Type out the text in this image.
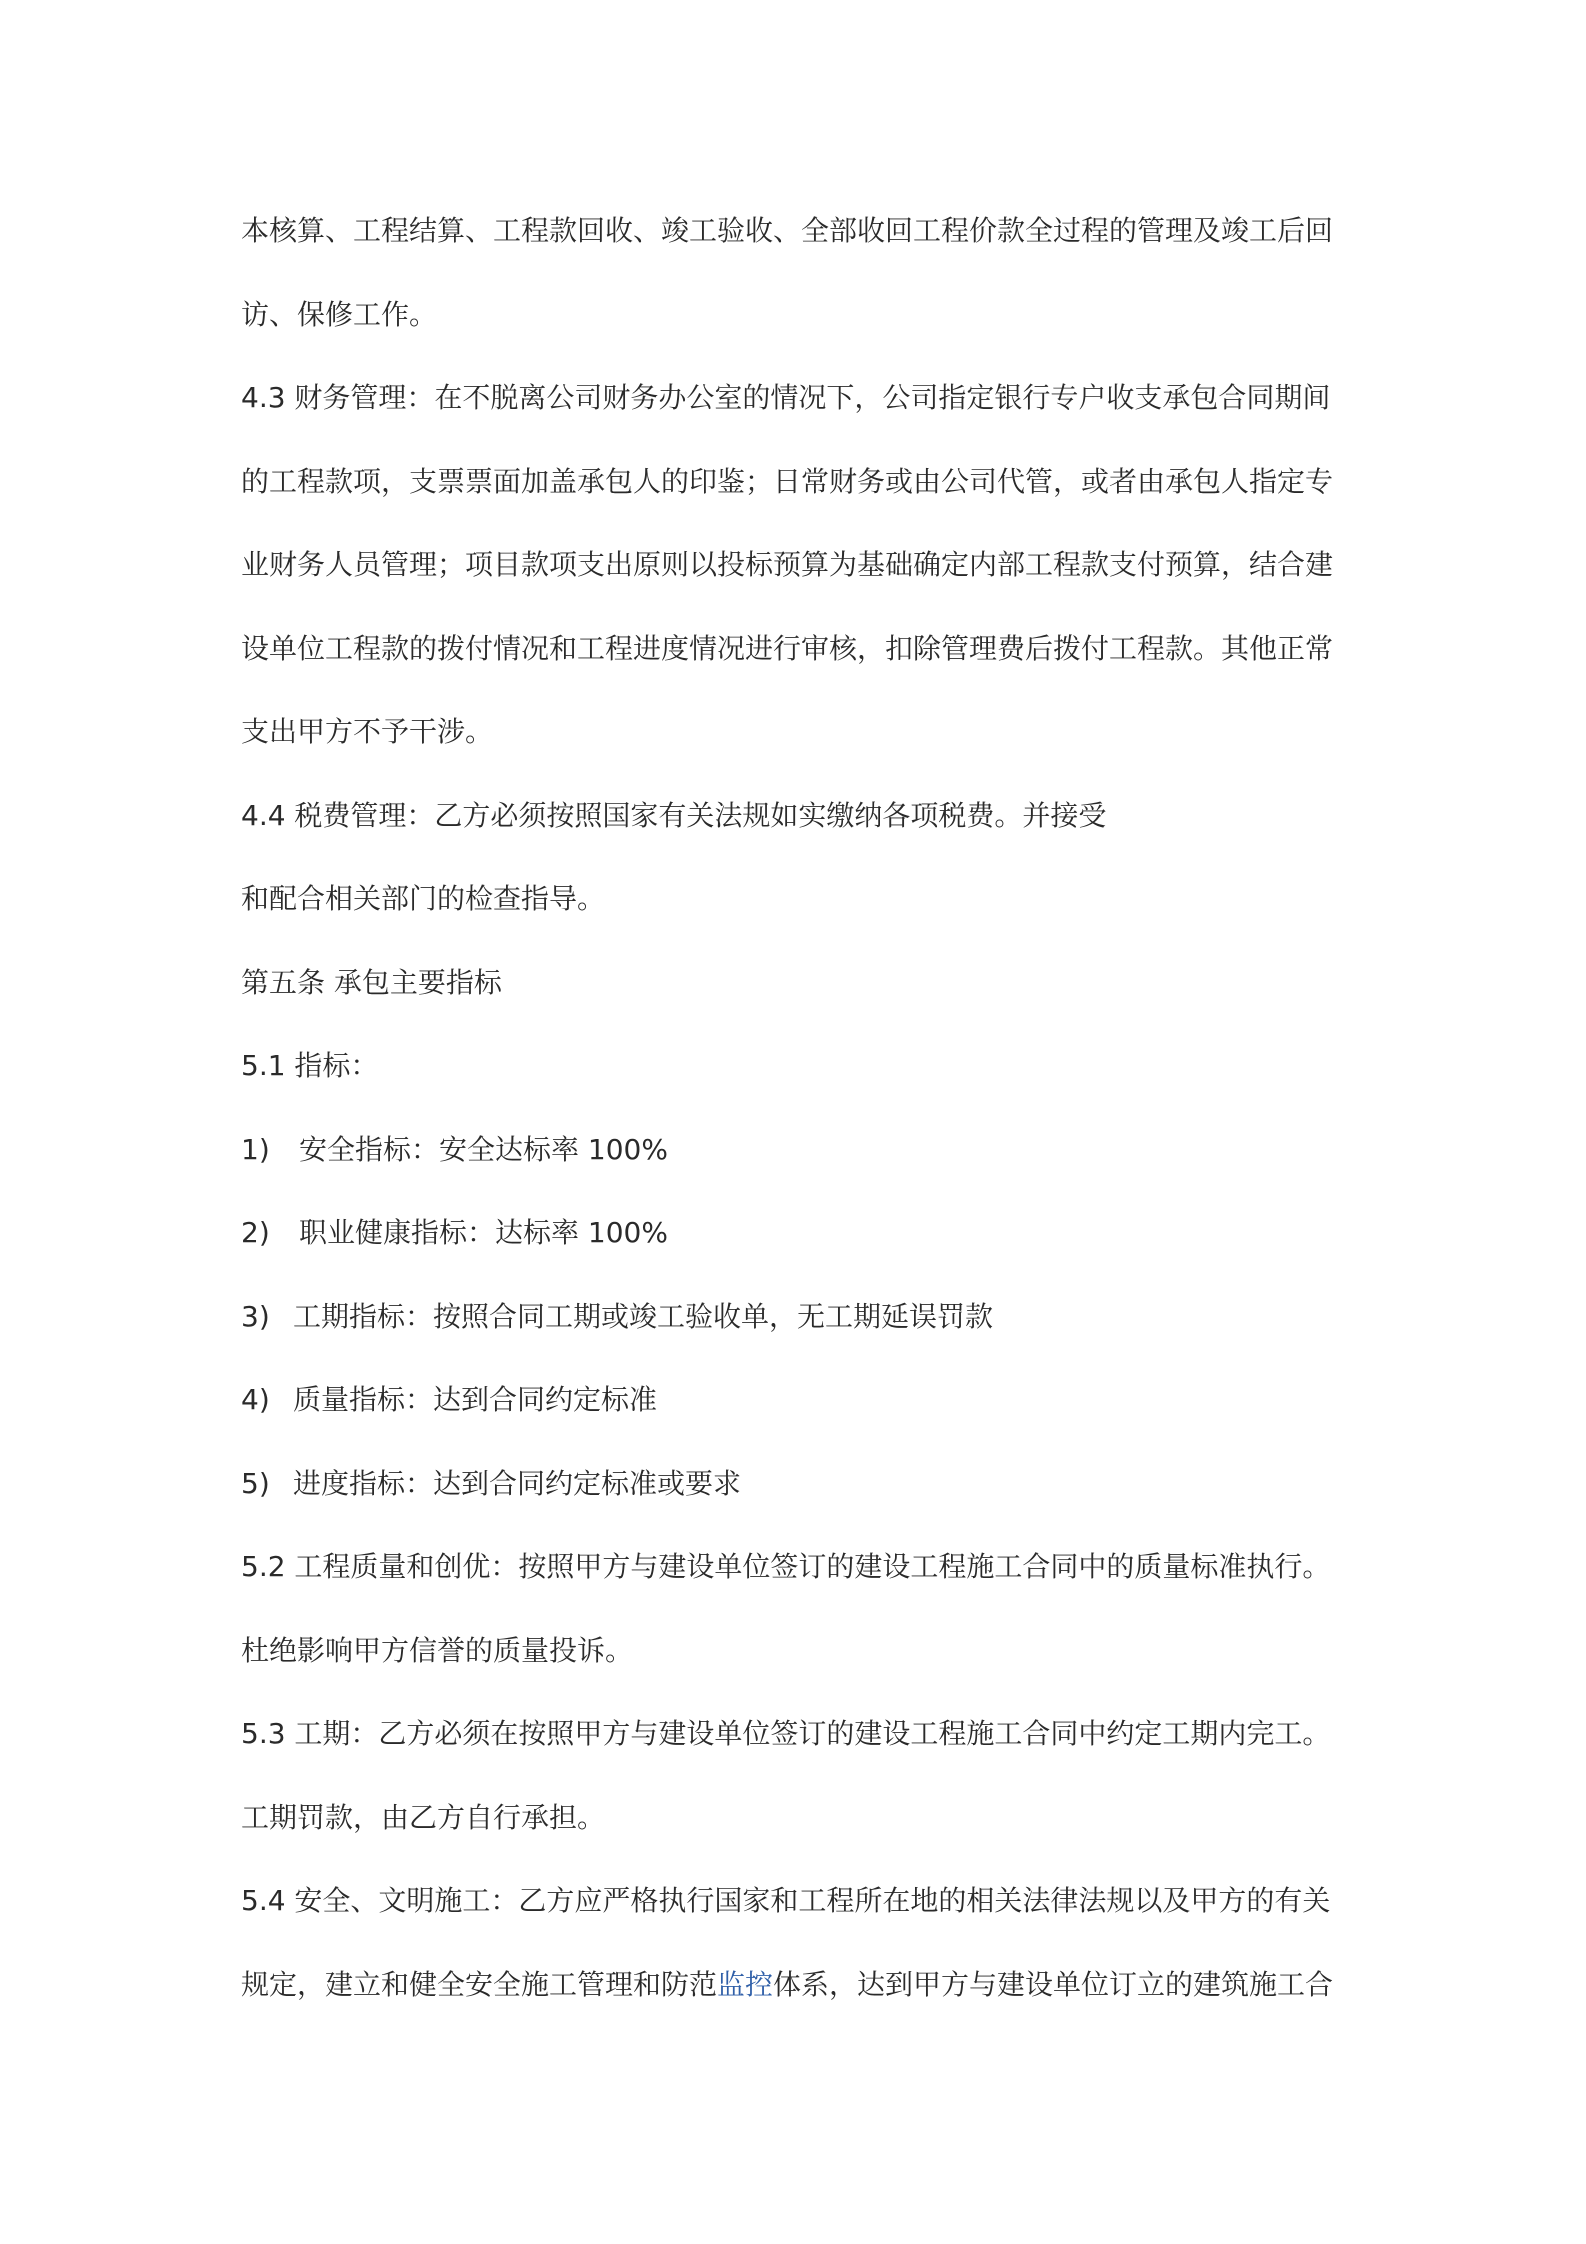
本核算、工程结算、工程款回收、竣工验收、全部收回工程价款全过程的管理及竣工后回
访、保修工作。
4.3 财务管理：在不脱离公司财务办公室的情况下，公司指定银行专户收支承包合同期间
的工程款项，支票票面加盖承包人的印鉴；日常财务或由公司代管，或者由承包人指定专
业财务人员管理；项目款项支出原则以投标预算为基础确定内部工程款支付预算，结合建
设单位工程款的拨付情况和工程进度情况进行审核，扣除管理费后拨付工程款。其他正常
支出甲方不予干涉。
4.4 税费管理：乙方必须按照国家有关法规如实缴纳各项税费。并接受
和配合相关部门的检查指导。
第五条 承包主要指标
5.1 指标：
1) 安全指标：安全达标率 100%
2) 职业健康指标：达标率 100%
3) 工期指标：按照合同工期或竣工验收单，无工期延误罚款
4) 质量指标：达到合同约定标准
5) 进度指标：达到合同约定标准或要求
5.2 工程质量和创优：按照甲方与建设单位签订的建设工程施工合同中的质量标准执行。
杜绝影响甲方信誉的质量投诉。
5.3 工期：乙方必须在按照甲方与建设单位签订的建设工程施工合同中约定工期内完工。
工期罚款，由乙方自行承担。
5.4 安全、文明施工：乙方应严格执行国家和工程所在地的相关法律法规以及甲方的有关
规定，建立和健全安全施工管理和防范监控体系，达到甲方与建设单位订立的建筑施工合
